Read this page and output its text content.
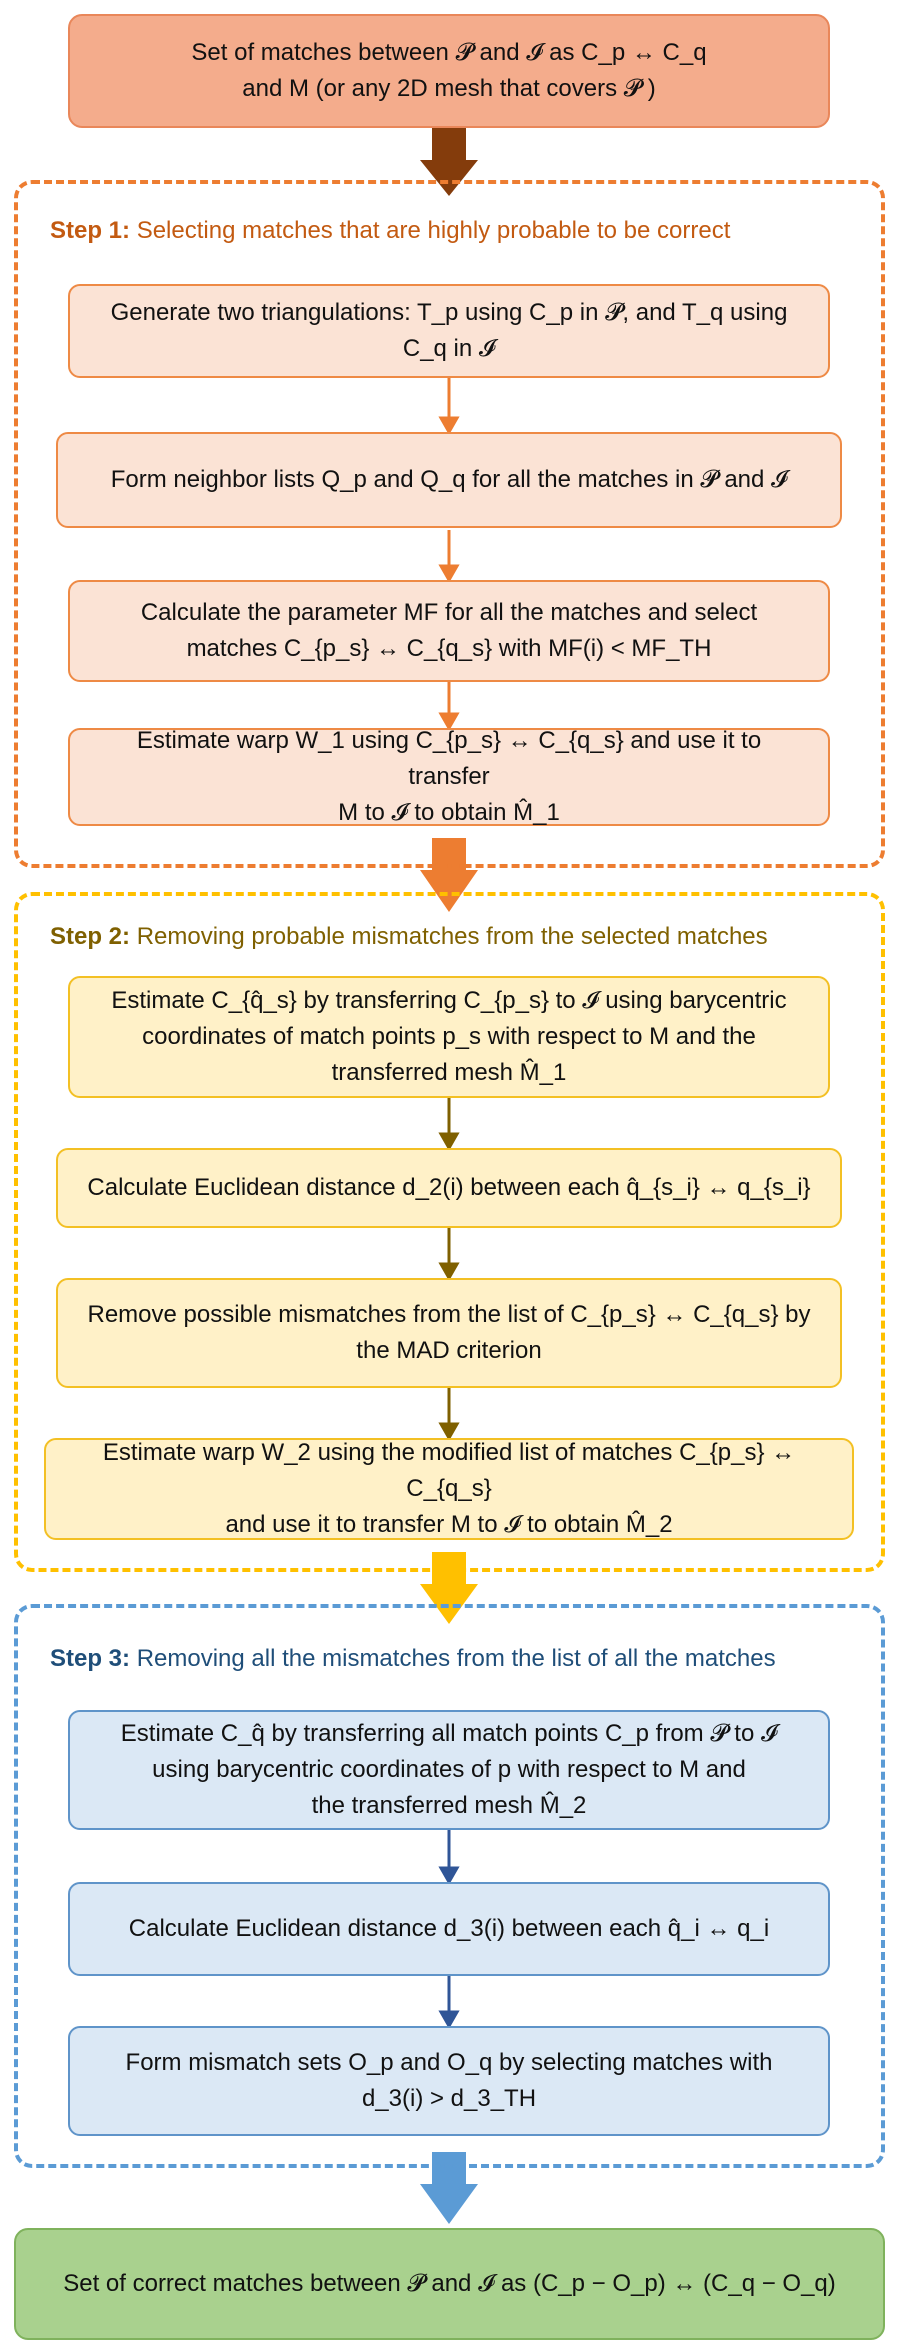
Set of matches between 𝓟 and 𝓘 as C_p ↔ C_q
and M (or any 2D mesh that covers 𝓟 )
Step 1: Selecting matches that are highly probable to be correct
Generate two triangulations: T_p using C_p in 𝓟, and T_q using
C_q in 𝓘
Form neighbor lists Q_p and Q_q for all the matches in 𝓟 and 𝓘
Calculate the parameter MF for all the matches and select
matches C_{p_s} ↔ C_{q_s} with MF(i) < MF_TH
Estimate warp W_1 using C_{p_s} ↔ C_{q_s} and use it to transfer
M to 𝓘 to obtain M̂_1
Step 2: Removing probable mismatches from the selected matches
Estimate C_{q̂_s} by transferring C_{p_s} to 𝓘 using barycentric
coordinates of match points p_s with respect to M and the
transferred mesh M̂_1
Calculate Euclidean distance d_2(i) between each q̂_{s_i} ↔ q_{s_i}
Remove possible mismatches from the list of C_{p_s} ↔ C_{q_s} by
the MAD criterion
Estimate warp W_2 using the modified list of matches C_{p_s} ↔ C_{q_s}
and use it to transfer M to 𝓘 to obtain M̂_2
Step 3: Removing all the mismatches from the list of all the matches
Estimate C_q̂ by transferring all match points C_p from 𝓟 to 𝓘
using barycentric coordinates of p with respect to M and
the transferred mesh M̂_2
Calculate Euclidean distance d_3(i) between each q̂_i ↔ q_i
Form mismatch sets O_p and O_q by selecting matches with
d_3(i) > d_3_TH
Set of correct matches between 𝓟 and 𝓘 as (C_p − O_p) ↔ (C_q − O_q)
